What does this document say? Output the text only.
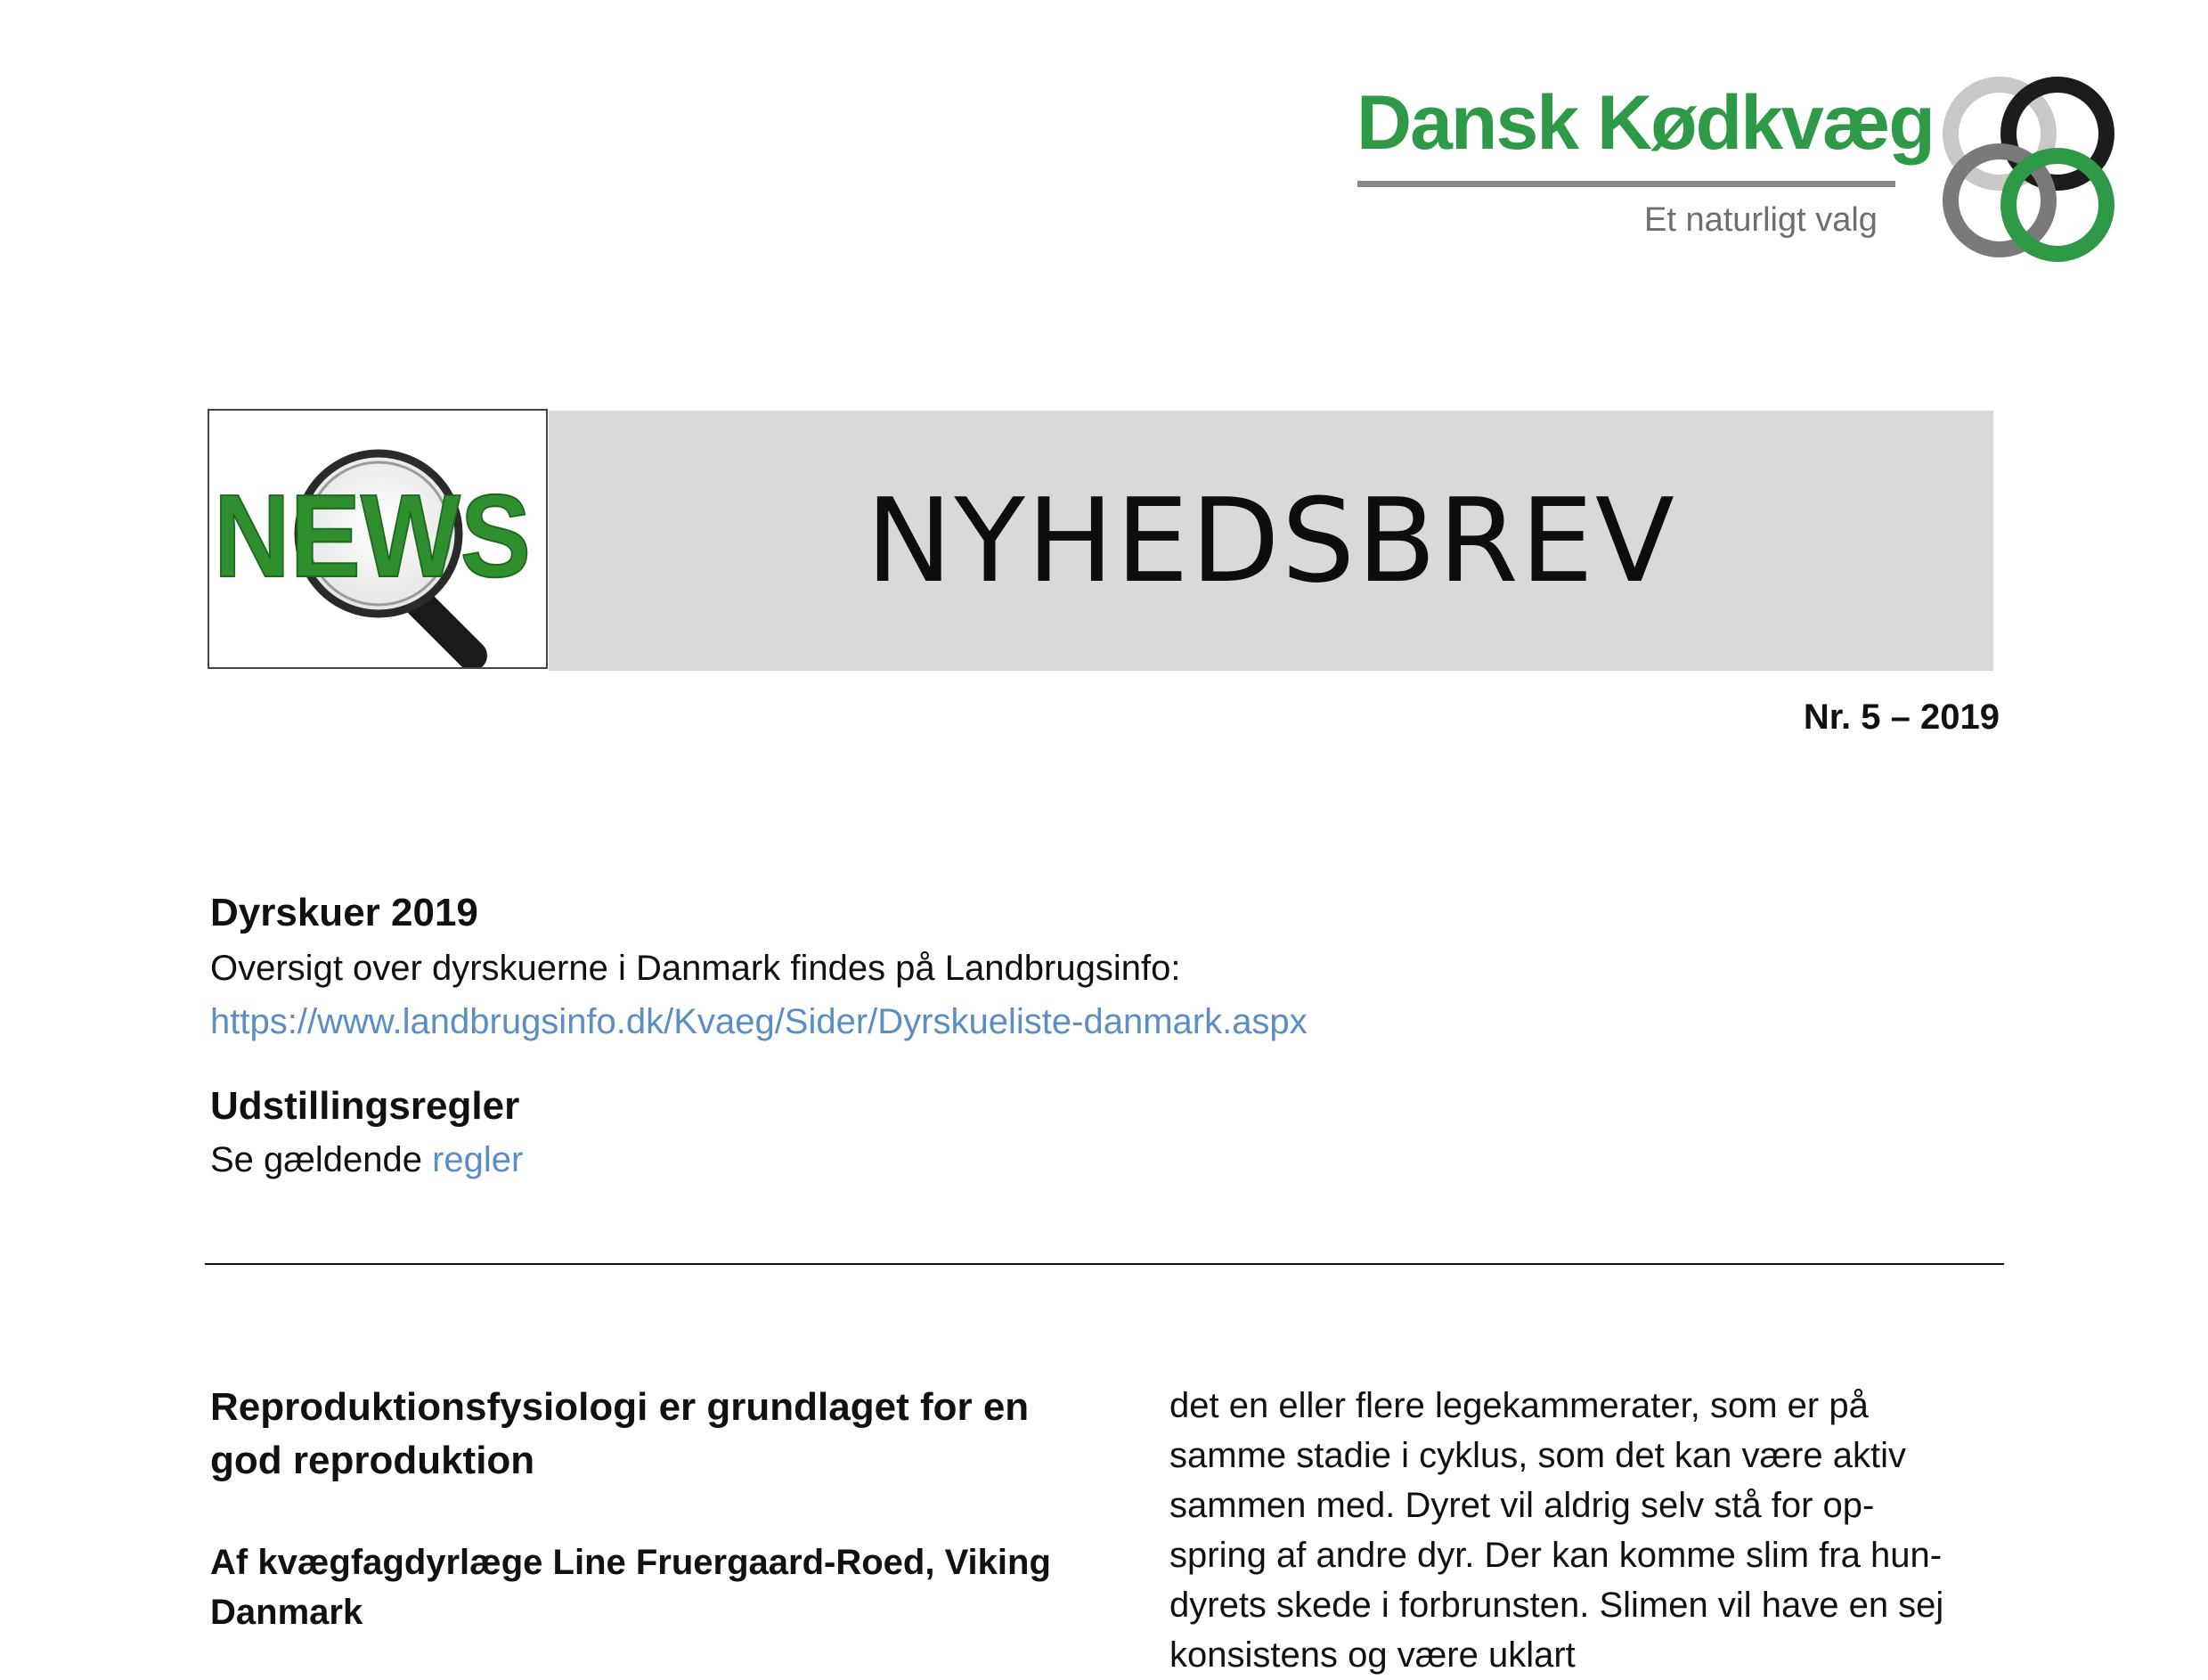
Dansk Kødkvæg
Et naturligt valg
NEWS	NYHEDSBREV
Nr. 5 – 2019
Dyrskuer 2019
Oversigt over dyrskuerne i Danmark findes på Landbrugsinfo:
https://www.landbrugsinfo.dk/Kvaeg/Sider/Dyrskueliste-danmark.aspx
Udstillingsregler
Se gældende regler
Reproduktionsfysiologi er grundlaget for en
god reproduktion
Af kvægfagdyrlæge Line Fruergaard-Roed, Viking
Danmark
det en eller flere legekammerater, som er på
samme stadie i cyklus, som det kan være aktiv
sammen med. Dyret vil aldrig selv stå for op-
spring af andre dyr. Der kan komme slim fra hun-
dyrets skede i forbrunsten. Slimen vil have en sej
konsistens og være uklart
